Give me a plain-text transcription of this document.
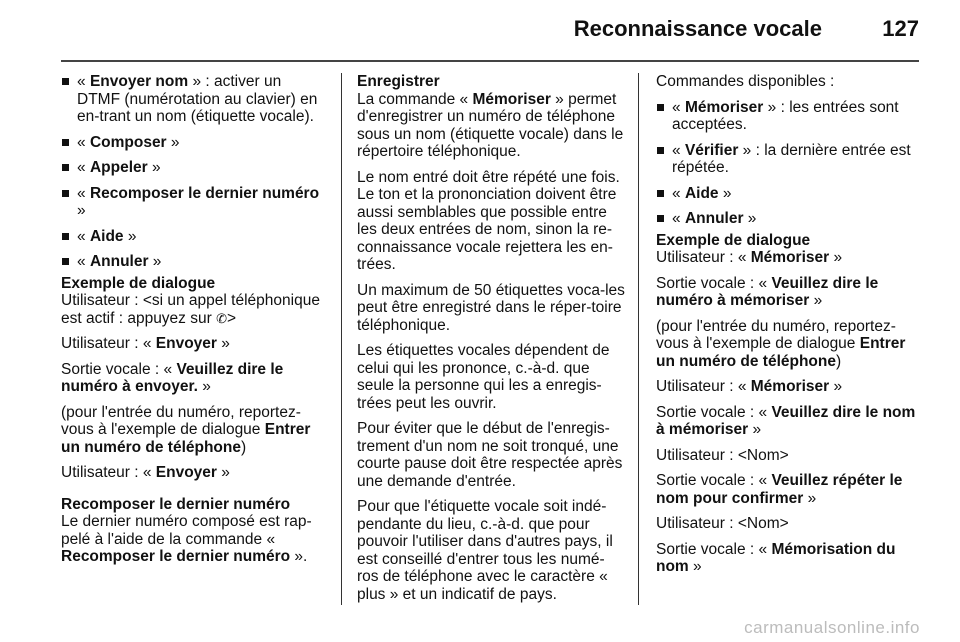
Reconnaissance vocale	127
« Envoyer nom » : activer un DTMF (numérotation au clavier) en en-trant un nom (étiquette vocale).
« Composer »
« Appeler »
« Recomposer le dernier numéro »
« Aide »
« Annuler »
Exemple de dialogue

Utilisateur : <si un appel téléphonique est actif : appuyez sur ✆>

Utilisateur : « Envoyer »

Sortie vocale : « Veuillez dire le numéro à envoyer. »

(pour l'entrée du numéro, reportez-vous à l'exemple de dialogue Entrer un numéro de téléphone)

Utilisateur : « Envoyer »

Recomposer le dernier numéro

Le dernier numéro composé est rap-pelé à l'aide de la commande « Recomposer le dernier numéro ».

Enregistrer

La commande « Mémoriser » permet d'enregistrer un numéro de téléphone sous un nom (étiquette vocale) dans le répertoire téléphonique.

Le nom entré doit être répété une fois. Le ton et la prononciation doivent être aussi semblables que possible entre les deux entrées de nom, sinon la re-connaissance vocale rejettera les en-trées.

Un maximum de 50 étiquettes voca-les peut être enregistré dans le réper-toire téléphonique.

Les étiquettes vocales dépendent de celui qui les prononce, c.-à-d. que seule la personne qui les a enregis-trées peut les ouvrir.

Pour éviter que le début de l'enregis-trement d'un nom ne soit tronqué, une courte pause doit être respectée après une demande d'entrée.

Pour que l'étiquette vocale soit indé-pendante du lieu, c.-à-d. que pour pouvoir l'utiliser dans d'autres pays, il est conseillé d'entrer tous les numé-ros de téléphone avec le caractère « plus » et un indicatif de pays.

Commandes disponibles :

« Mémoriser » : les entrées sont acceptées.
« Vérifier » : la dernière entrée est répétée.
« Aide »
« Annuler »
Exemple de dialogue

Utilisateur : « Mémoriser »

Sortie vocale : « Veuillez dire le numéro à mémoriser »

(pour l'entrée du numéro, reportez-vous à l'exemple de dialogue Entrer un numéro de téléphone)

Utilisateur : « Mémoriser »

Sortie vocale : « Veuillez dire le nom à mémoriser »

Utilisateur : <Nom>

Sortie vocale : « Veuillez répéter le nom pour confirmer »

Utilisateur : <Nom>

Sortie vocale : « Mémorisation du nom »

carmanualsonline.info
